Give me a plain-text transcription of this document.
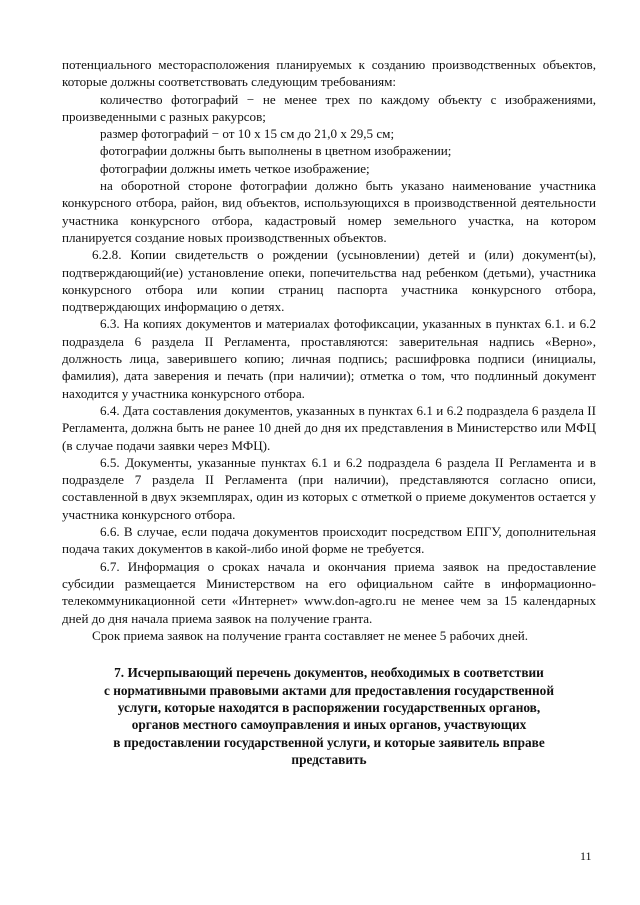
потенциального месторасположения планируемых к созданию производственных объектов, которые должны соответствовать следующим требованиям:

количество фотографий − не менее трех по каждому объекту с изображениями, произведенными с разных ракурсов;

размер фотографий − от 10 х 15 см до 21,0 х 29,5 см;

фотографии должны быть выполнены в цветном изображении;

фотографии должны иметь четкое изображение;

на оборотной стороне фотографии должно быть указано наименование участника конкурсного отбора, район, вид объектов, использующихся в производственной деятельности участника конкурсного отбора, кадастровый номер земельного участка, на котором планируется создание новых производственных объектов.

6.2.8. Копии свидетельств о рождении (усыновлении) детей и (или) документ(ы), подтверждающий(ие) установление опеки, попечительства над ребенком (детьми), участника конкурсного отбора или копии страниц паспорта участника конкурсного отбора, подтверждающих информацию о детях.

6.3. На копиях документов и материалах фотофиксации, указанных в пунктах 6.1. и 6.2 подраздела 6 раздела II Регламента, проставляются: заверительная надпись «Верно», должность лица, заверившего копию; личная подпись; расшифровка подписи (инициалы, фамилия), дата заверения и печать (при наличии); отметка о том, что подлинный документ находится у участника конкурсного отбора.

6.4. Дата составления документов, указанных в пунктах 6.1 и 6.2 подраздела 6 раздела II Регламента, должна быть не ранее 10 дней до дня их представления в Министерство или МФЦ (в случае подачи заявки через МФЦ).

6.5. Документы, указанные пунктах 6.1 и 6.2 подраздела 6 раздела II Регламента и в подразделе 7 раздела II Регламента (при наличии), представляются согласно описи, составленной в двух экземплярах, один из которых с отметкой о приеме документов остается у участника конкурсного отбора.

6.6. В случае, если подача документов происходит посредством ЕПГУ, дополнительная подача таких документов в какой-либо иной форме не требуется.

6.7. Информация о сроках начала и окончания приема заявок на предоставление субсидии размещается Министерством на его официальном сайте в информационно-телекоммуникационной сети «Интернет» www.don-agro.ru не менее чем за 15 календарных дней до дня начала приема заявок на получение гранта.

Срок приема заявок на получение гранта составляет не менее 5 рабочих дней.

7. Исчерпывающий перечень документов, необходимых в соответствии
с нормативными правовыми актами для предоставления государственной
услуги, которые находятся в распоряжении государственных органов,
органов местного самоуправления и иных органов, участвующих
в предоставлении государственной услуги, и которые заявитель вправе
представить
11
